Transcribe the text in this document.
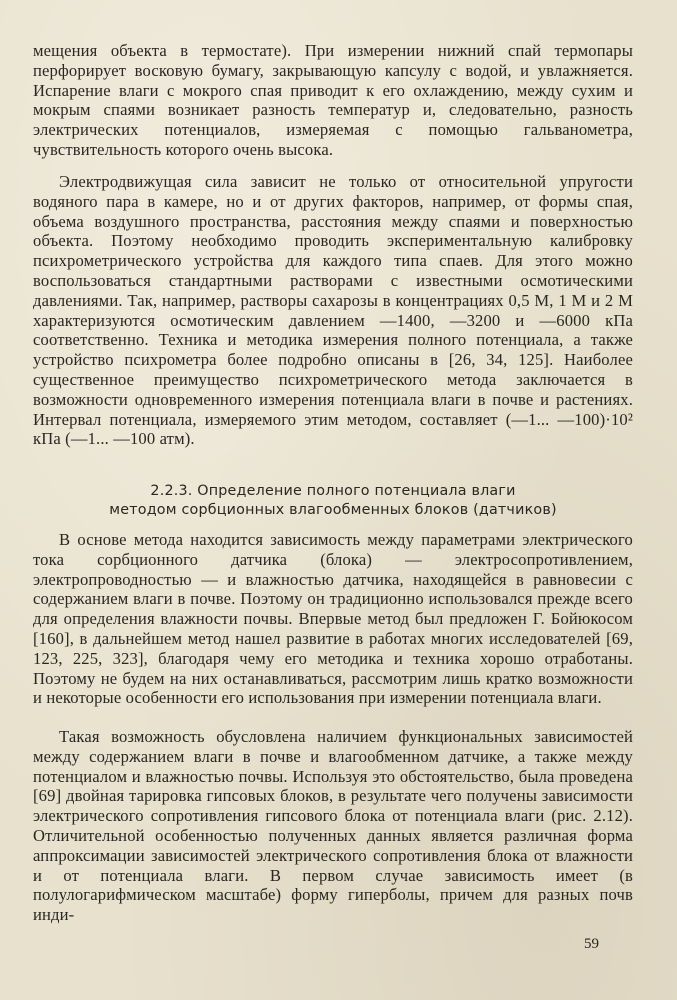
мещения объекта в термостате). При измерении нижний спай термопары перфорирует восковую бумагу, закрывающую капсулу с водой, и увлажняется. Испарение влаги с мокрого спая приводит к его охлаждению, между сухим и мокрым спаями возникает разность температур и, следовательно, разность электрических потенциалов, измеряемая с помощью гальванометра, чувствительность которого очень высока.

Электродвижущая сила зависит не только от относительной упругости водяного пара в камере, но и от других факторов, например, от формы спая, объема воздушного пространства, расстояния между спаями и поверхностью объекта. Поэтому необходимо проводить экспериментальную калибровку психрометрического устройства для каждого типа спаев. Для этого можно воспользоваться стандартными растворами с известными осмотическими давлениями. Так, например, растворы сахарозы в концентрациях 0,5 М, 1 М и 2 М характеризуются осмотическим давлением —1400, —3200 и —6000 кПа соответственно. Техника и методика измерения полного потенциала, а также устройство психрометра более подробно описаны в [26, 34, 125]. Наиболее существенное преимущество психрометрического метода заключается в возможности одновременного измерения потенциала влаги в почве и растениях. Интервал потенциала, измеряемого этим методом, составляет (—1... —100)·10² кПа (—1... —100 атм).

2.2.3. Определение полного потенциала влаги
методом сорбционных влагообменных блоков (датчиков)

В основе метода находится зависимость между параметрами электрического тока сорбционного датчика (блока) — электросопротивлением, электропроводностью — и влажностью датчика, находящейся в равновесии с содержанием влаги в почве. Поэтому он традиционно использовался прежде всего для определения влажности почвы. Впервые метод был предложен Г. Бойюкосом [160], в дальнейшем метод нашел развитие в работах многих исследователей [69, 123, 225, 323], благодаря чему его методика и техника хорошо отработаны. Поэтому не будем на них останавливаться, рассмотрим лишь кратко возможности и некоторые особенности его использования при измерении потенциала влаги.

Такая возможность обусловлена наличием функциональных зависимостей между содержанием влаги в почве и влагообменном датчике, а также между потенциалом и влажностью почвы. Используя это обстоятельство, была проведена [69] двойная тарировка гипсовых блоков, в результате чего получены зависимости электрического сопротивления гипсового блока от потенциала влаги (рис. 2.12). Отличительной особенностью полученных данных является различная форма аппроксимации зависимостей электрического сопротивления блока от влажности и от потенциала влаги. В первом случае зависимость имеет (в полулогарифмическом масштабе) форму гиперболы, причем для разных почв инди-

59
